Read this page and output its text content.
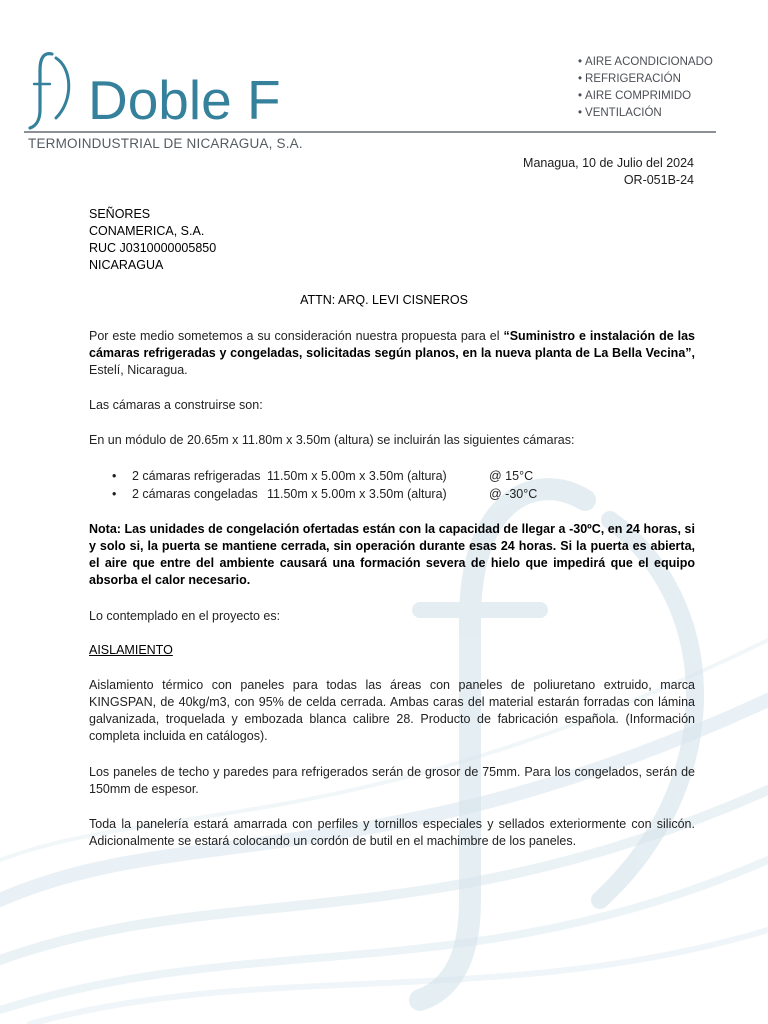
Doble F
• AIRE ACONDICIONADO
• REFRIGERACIÓN
• AIRE COMPRIMIDO
• VENTILACIÓN
TERMOINDUSTRIAL DE NICARAGUA, S.A.
Managua, 10 de Julio del 2024
OR-051B-24
SEÑORES
CONAMERICA, S.A.
RUC J0310000005850
NICARAGUA
ATTN: ARQ. LEVI CISNEROS
Por este medio sometemos a su consideración nuestra propuesta para el “Suministro e instalación de las cámaras refrigeradas y congeladas, solicitadas según planos, en la nueva planta de La Bella Vecina”, Estelí, Nicaragua.
Las cámaras a construirse son:
En un módulo de 20.65m x 11.80m x 3.50m (altura) se incluirán las siguientes cámaras:
• 2 cámaras refrigeradas 11.50m x 5.00m x 3.50m (altura)	@ 15°C
• 2 cámaras congeladas 11.50m x 5.00m x 3.50m (altura)	@ -30°C
Nota: Las unidades de congelación ofertadas están con la capacidad de llegar a -30ºC, en 24 horas, si y solo si, la puerta se mantiene cerrada, sin operación durante esas 24 horas. Si la puerta es abierta, el aire que entre del ambiente causará una formación severa de hielo que impedirá que el equipo absorba el calor necesario.
Lo contemplado en el proyecto es:
AISLAMIENTO
Aislamiento térmico con paneles para todas las áreas con paneles de poliuretano extruido, marca KINGSPAN, de 40kg/m3, con 95% de celda cerrada. Ambas caras del material estarán forradas con lámina galvanizada, troquelada y embozada blanca calibre 28. Producto de fabricación española. (Información completa incluida en catálogos).
Los paneles de techo y paredes para refrigerados serán de grosor de 75mm. Para los congelados, serán de 150mm de espesor.
Toda la panelería estará amarrada con perfiles y tornillos especiales y sellados exteriormente con silicón. Adicionalmente se estará colocando un cordón de butil en el machimbre de los paneles.
